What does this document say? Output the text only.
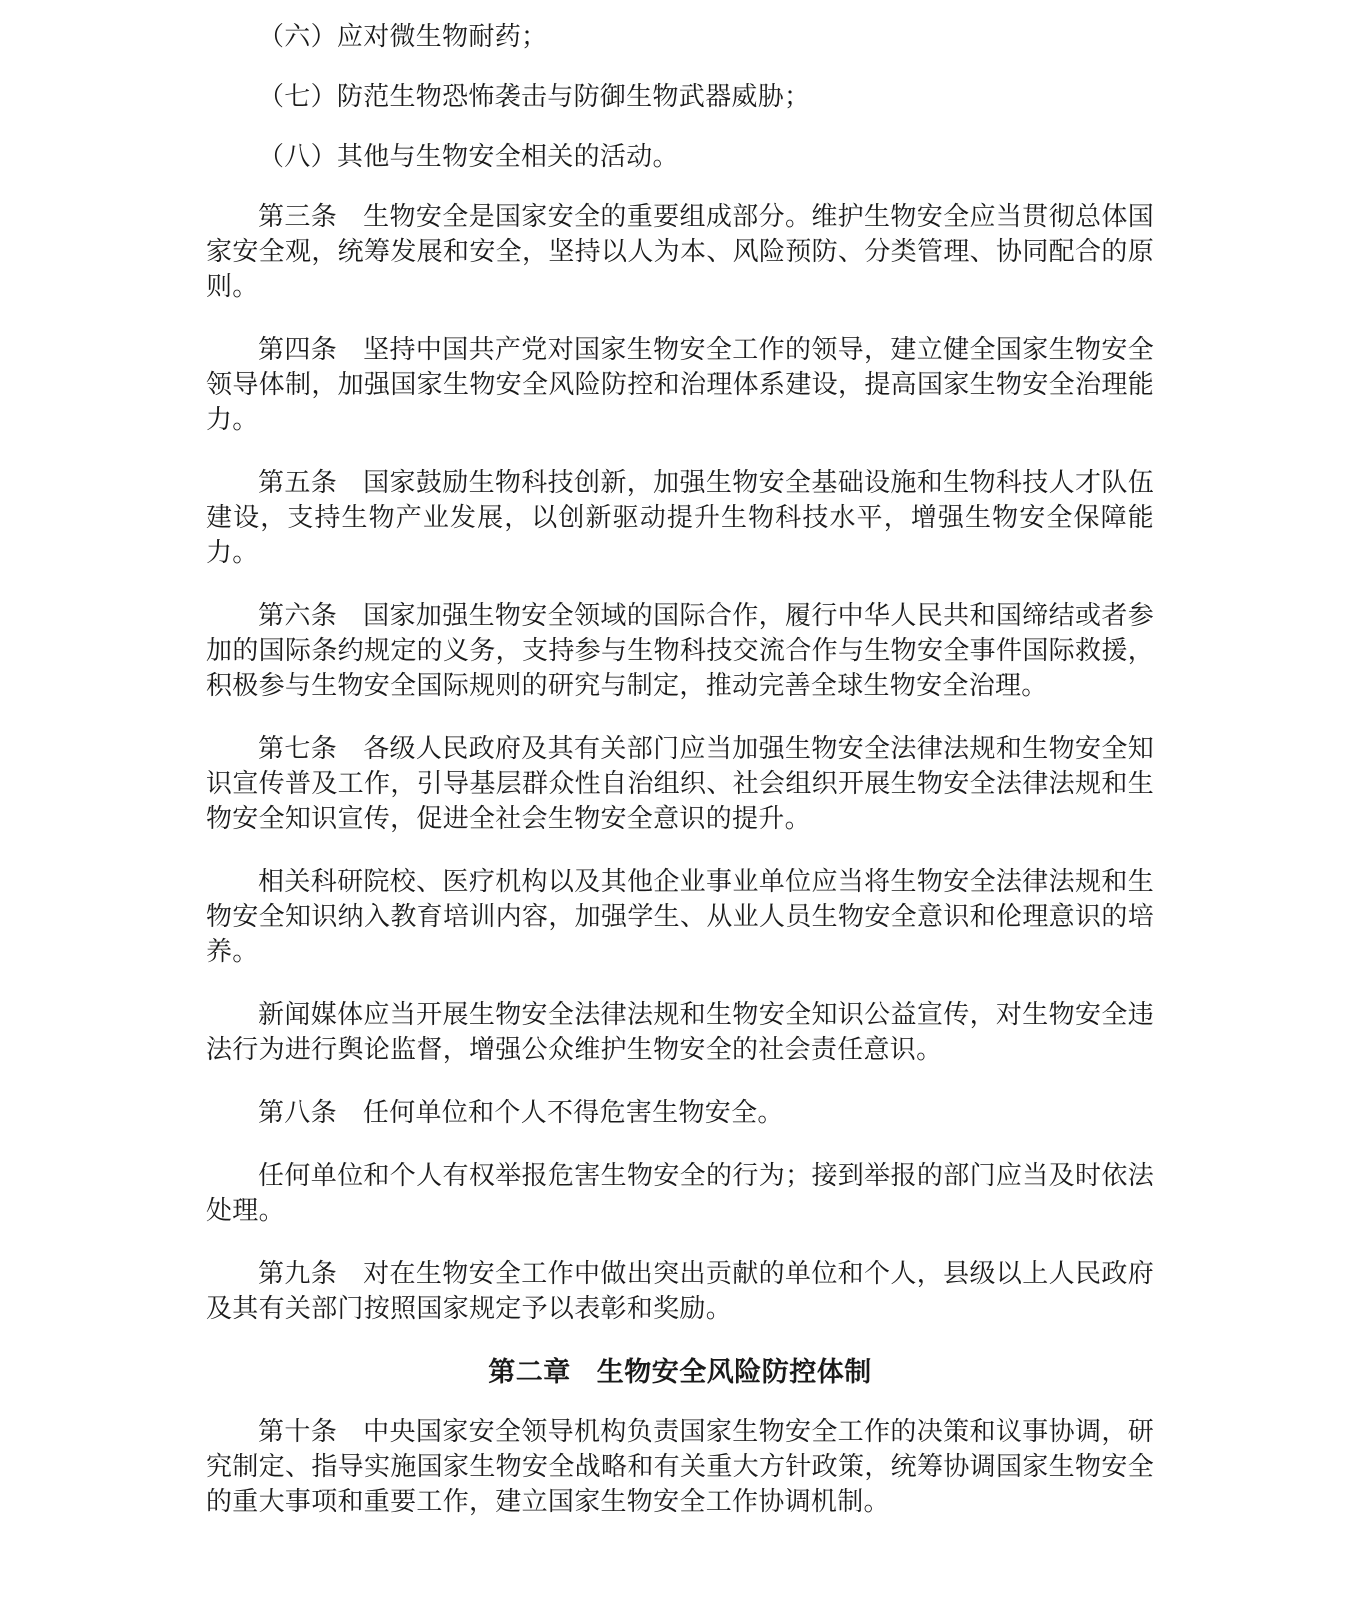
（六）应对微生物耐药；

（七）防范生物恐怖袭击与防御生物武器威胁；

（八）其他与生物安全相关的活动。

第三条 生物安全是国家安全的重要组成部分。维护生物安全应当贯彻总体国家安全观，统筹发展和安全，坚持以人为本、风险预防、分类管理、协同配合的原则。

第四条 坚持中国共产党对国家生物安全工作的领导，建立健全国家生物安全领导体制，加强国家生物安全风险防控和治理体系建设，提高国家生物安全治理能力。

第五条 国家鼓励生物科技创新，加强生物安全基础设施和生物科技人才队伍建设，支持生物产业发展，以创新驱动提升生物科技水平，增强生物安全保障能力。

第六条 国家加强生物安全领域的国际合作，履行中华人民共和国缔结或者参加的国际条约规定的义务，支持参与生物科技交流合作与生物安全事件国际救援，积极参与生物安全国际规则的研究与制定，推动完善全球生物安全治理。

第七条 各级人民政府及其有关部门应当加强生物安全法律法规和生物安全知识宣传普及工作，引导基层群众性自治组织、社会组织开展生物安全法律法规和生物安全知识宣传，促进全社会生物安全意识的提升。

相关科研院校、医疗机构以及其他企业事业单位应当将生物安全法律法规和生物安全知识纳入教育培训内容，加强学生、从业人员生物安全意识和伦理意识的培养。

新闻媒体应当开展生物安全法律法规和生物安全知识公益宣传，对生物安全违法行为进行舆论监督，增强公众维护生物安全的社会责任意识。

第八条 任何单位和个人不得危害生物安全。

任何单位和个人有权举报危害生物安全的行为；接到举报的部门应当及时依法处理。

第九条 对在生物安全工作中做出突出贡献的单位和个人，县级以上人民政府及其有关部门按照国家规定予以表彰和奖励。

第二章 生物安全风险防控体制

第十条 中央国家安全领导机构负责国家生物安全工作的决策和议事协调，研究制定、指导实施国家生物安全战略和有关重大方针政策，统筹协调国家生物安全的重大事项和重要工作，建立国家生物安全工作协调机制。
